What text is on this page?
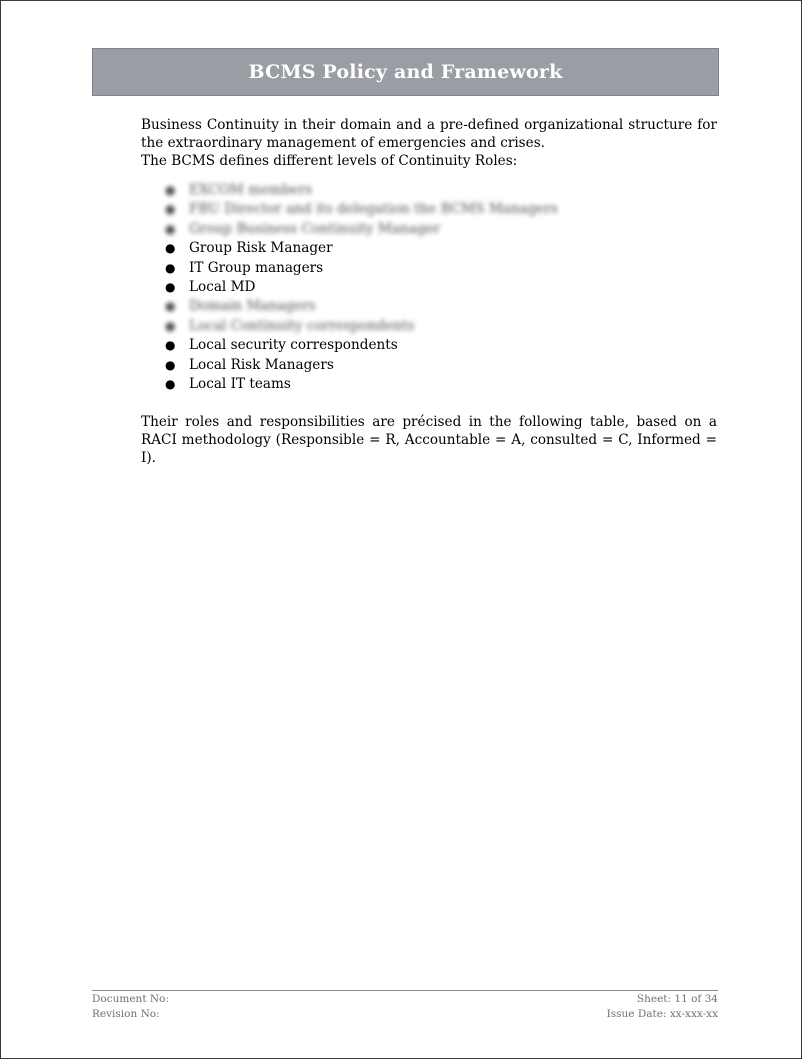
BCMS Policy and Framework

Business Continuity in their domain and a pre-defined organizational structure for the extraordinary management of emergencies and crises.

The BCMS defines different levels of Continuity Roles:

● EXCOM members
● FBU Director and its delegation the BCMS Managers
● Group Business Continuity Manager
● Group Risk Manager
● IT Group managers
● Local MD
● Domain Managers
● Local Continuity correspondents
● Local security correspondents
● Local Risk Managers
● Local IT teams

Their roles and responsibilities are précised in the following table, based on a RACI methodology (Responsible = R, Accountable = A, consulted = C, Informed = I).

Document No:	Sheet: 11 of 34
Revision No:	Issue Date: xx-xxx-xx
